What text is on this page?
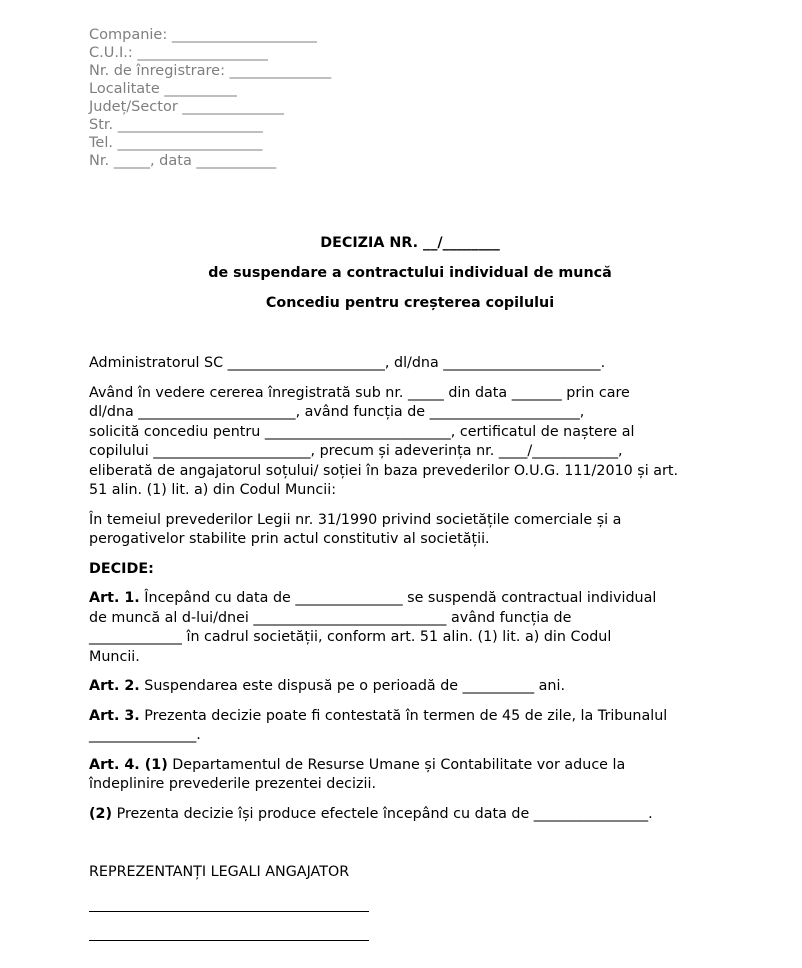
Companie: ____________________
C.U.I.: __________________
Nr. de înregistrare: ______________
Localitate __________
Județ/Sector ______________
Str. ____________________
Tel. ____________________
Nr. _____, data ___________
DECIZIA NR. __/________
de suspendare a contractului individual de muncă
Concediu pentru creșterea copilului
Administratorul SC ______________________, dl/dna ______________________.
Având în vedere cererea înregistrată sub nr. _____ din data _______ prin care
dl/dna ______________________, având funcția de _____________________,
solicită concediu pentru __________________________, certificatul de naștere al
copilului ______________________, precum și adeverința nr. ____/____________,
eliberată de angajatorul soțului/ soției în baza prevederilor O.U.G. 111/2010 și art.
51 alin. (1) lit. a) din Codul Muncii:
În temeiul prevederilor Legii nr. 31/1990 privind societățile comerciale și a
perogativelor stabilite prin actul constitutiv al societății.
DECIDE:
Art. 1. Începând cu data de _______________ se suspendă contractual individual
de muncă al d-lui/dnei ___________________________ având funcția de
_____________ în cadrul societății, conform art. 51 alin. (1) lit. a) din Codul
Muncii.
Art. 2. Suspendarea este dispusă pe o perioadă de __________ ani.
Art. 3. Prezenta decizie poate fi contestată în termen de 45 de zile, la Tribunalul
_______________.
Art. 4. (1) Departamentul de Resurse Umane și Contabilitate vor aduce la
îndeplinire prevederile prezentei decizii.
(2) Prezenta decizie își produce efectele începând cu data de ________________.
REPREZENTANȚI LEGALI ANGAJATOR
